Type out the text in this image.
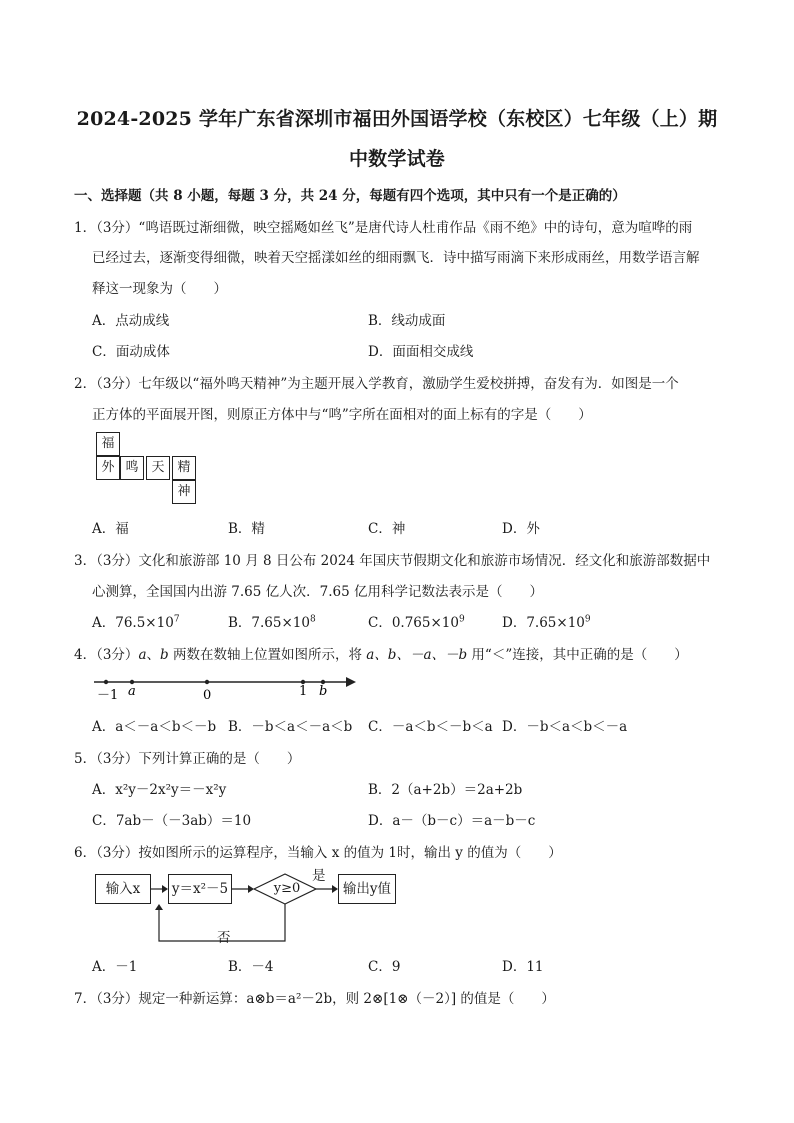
2024-2025 学年广东省深圳市福田外国语学校（东校区）七年级（上）期
中数学试卷
一、选择题（共 8 小题，每题 3 分，共 24 分，每题有四个选项，其中只有一个是正确的）
1．（3分）“鸣语既过渐细微，映空摇飏如丝飞”是唐代诗人杜甫作品《雨不绝》中的诗句，意为喧哗的雨
已经过去，逐渐变得细微，映着天空摇漾如丝的细雨飘飞．诗中描写雨滴下来形成雨丝，用数学语言解
释这一现象为（　　）
A．点动成线	B．线动成面
C．面动成体	D．面面相交成线
2．（3分）七年级以“福外鸣天精神”为主题开展入学教育，激励学生爱校拼搏，奋发有为．如图是一个
正方体的平面展开图，则原正方体中与“鸣”字所在面相对的面上标有的字是（　　）
福
外 鸣 天 精
神
A．福	B．精	C．神	D．外
3．（3分）文化和旅游部 10 月 8 日公布 2024 年国庆节假期文化和旅游市场情况．经文化和旅游部数据中
心测算，全国国内出游 7.65 亿人次．7.65 亿用科学记数法表示是（　　）
A．$76.5\times 10^7$	B．$7.65\times 10^8$	C．$0.765\times 10^9$	D．$7.65\times 10^9$
4．（3分）a、b 两数在数轴上位置如图所示，将 a、b、－a、－b 用“＜”连接，其中正确的是（　　）
－1 a	0	1 b
A．a＜－a＜b＜－b B．－b＜a＜－a＜b C．－a＜b＜－b＜a D．－b＜a＜b＜－a
5．（3分）下列计算正确的是（　　）
A．x²y－2x²y＝－x²y	B．2（a+2b）＝2a+2b
C．7ab－（－3ab）＝10	D．a－（b－c）＝a－b－c
6．（3分）按如图所示的运算程序，当输入 x 的值为 1时，输出 y 的值为（　　）
输入x	y＝x²－5	y≥0
是
输出y值
否
A．－1	B．－4	C．9	D．11
7．（3分）规定一种新运算：a⊗b＝a²－2b，则 2⊗[1⊗（－2）] 的值是（　　）
